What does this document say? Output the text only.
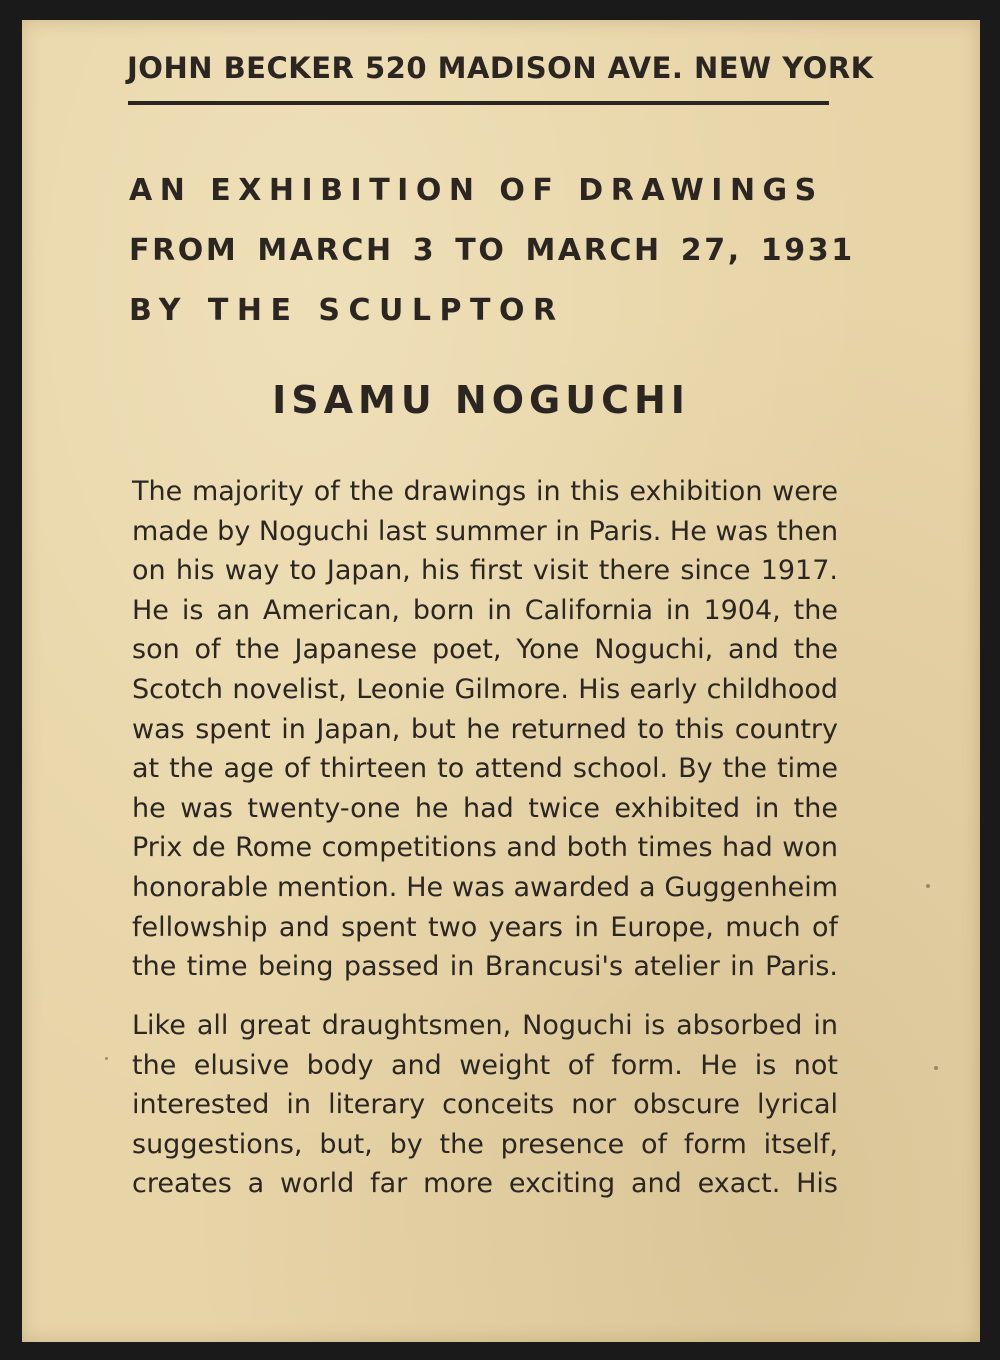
JOHN BECKER 520 MADISON AVE. NEW YORK
AN EXHIBITION OF DRAWINGS
FROM MARCH 3 TO MARCH 27, 1931
BY THE SCULPTOR
ISAMU NOGUCHI
The majority of the drawings in this exhibition were
made by Noguchi last summer in Paris. He was then
on his way to Japan, his first visit there since 1917.
He is an American, born in California in 1904, the
son of the Japanese poet, Yone Noguchi, and the
Scotch novelist, Leonie Gilmore. His early childhood
was spent in Japan, but he returned to this country
at the age of thirteen to attend school. By the time
he was twenty-one he had twice exhibited in the
Prix de Rome competitions and both times had won
honorable mention. He was awarded a Guggenheim
fellowship and spent two years in Europe, much of
the time being passed in Brancusi's atelier in Paris.
Like all great draughtsmen, Noguchi is absorbed in
the elusive body and weight of form. He is not
interested in literary conceits nor obscure lyrical
suggestions, but, by the presence of form itself,
creates a world far more exciting and exact. His
